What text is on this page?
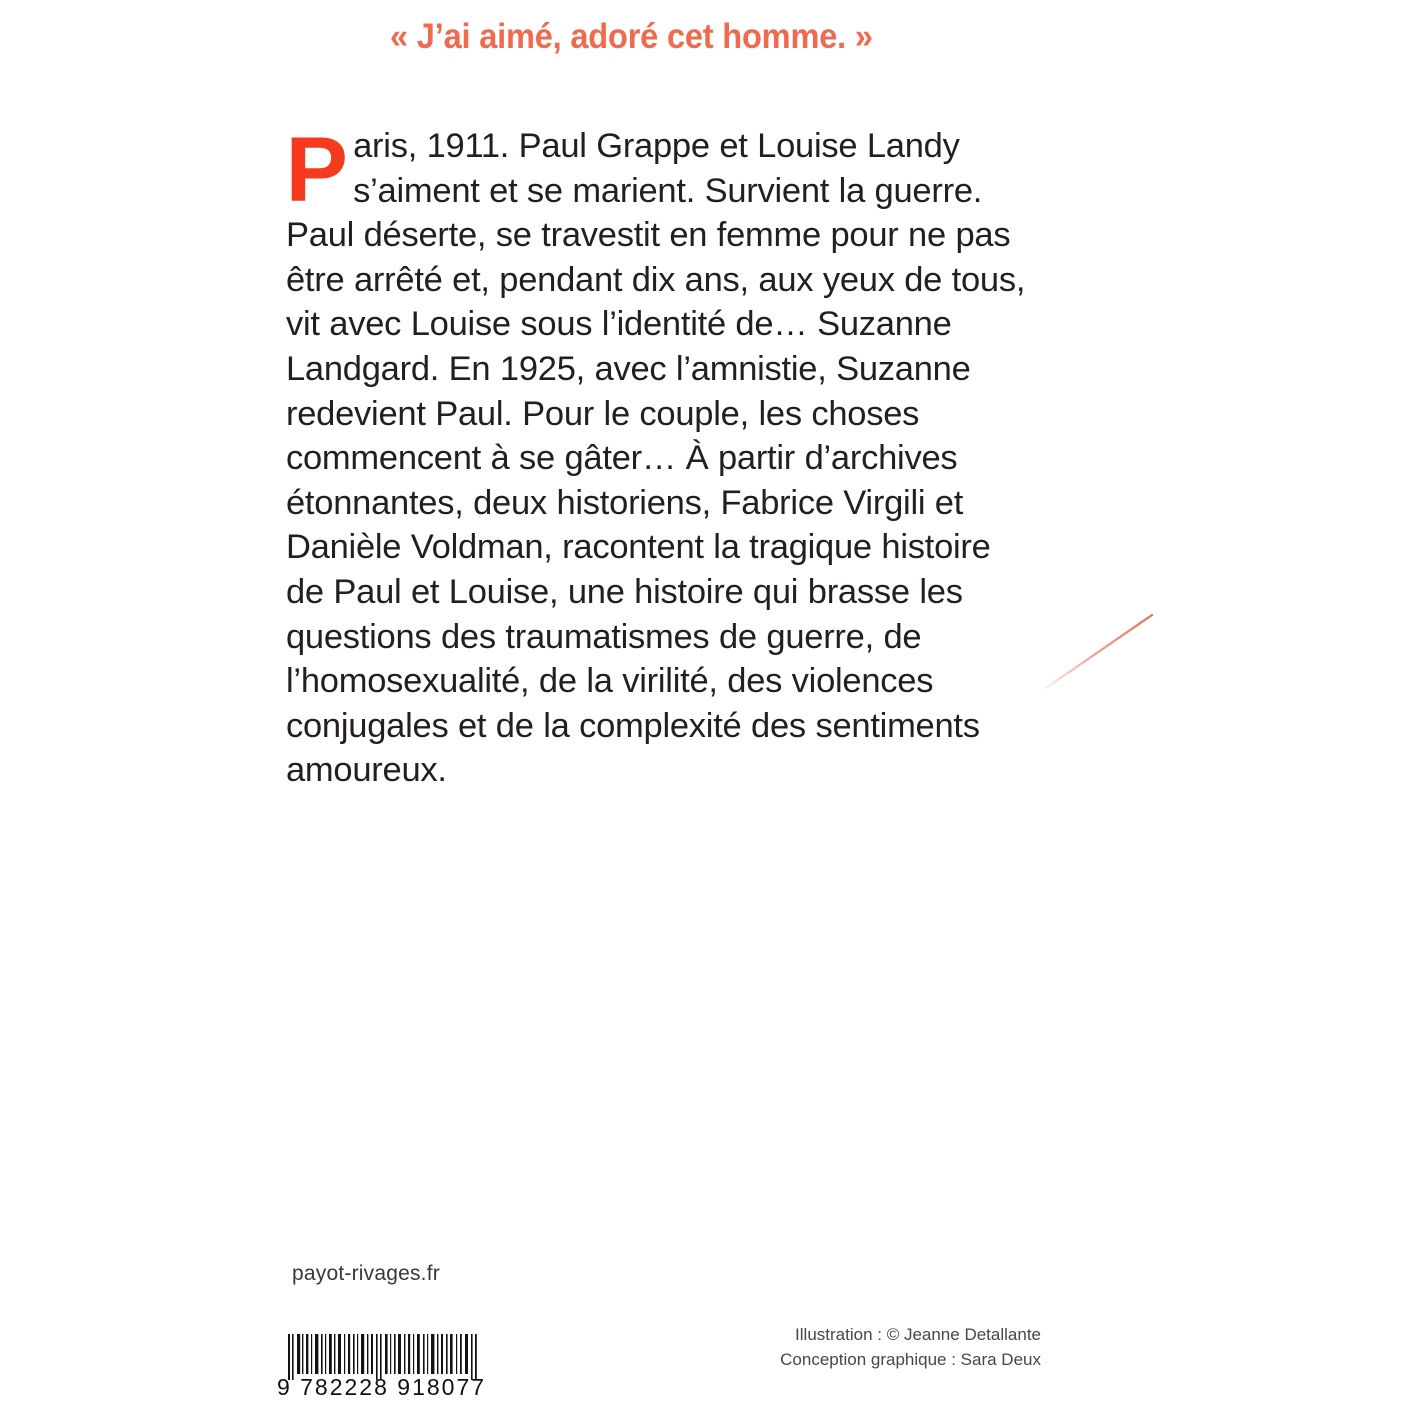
« J’ai aimé, adoré cet homme. »
Paris, 1911. Paul Grappe et Louise Landy s’aiment et se marient. Survient la guerre. Paul déserte, se travestit en femme pour ne pas être arrêté et, pendant dix ans, aux yeux de tous, vit avec Louise sous l’identité de… Suzanne Landgard. En 1925, avec l’amnistie, Suzanne redevient Paul. Pour le couple, les choses commencent à se gâter… À partir d’archives étonnantes, deux historiens, Fabrice Virgili et Danièle Voldman, racontent la tragique histoire de Paul et Louise, une histoire qui brasse les questions des traumatismes de guerre, de l’homosexualité, de la virilité, des violences conjugales et de la complexité des sentiments amoureux.
payot-rivages.fr
9 782228 918077
Illustration : © Jeanne Detallante
Conception graphique : Sara Deux
